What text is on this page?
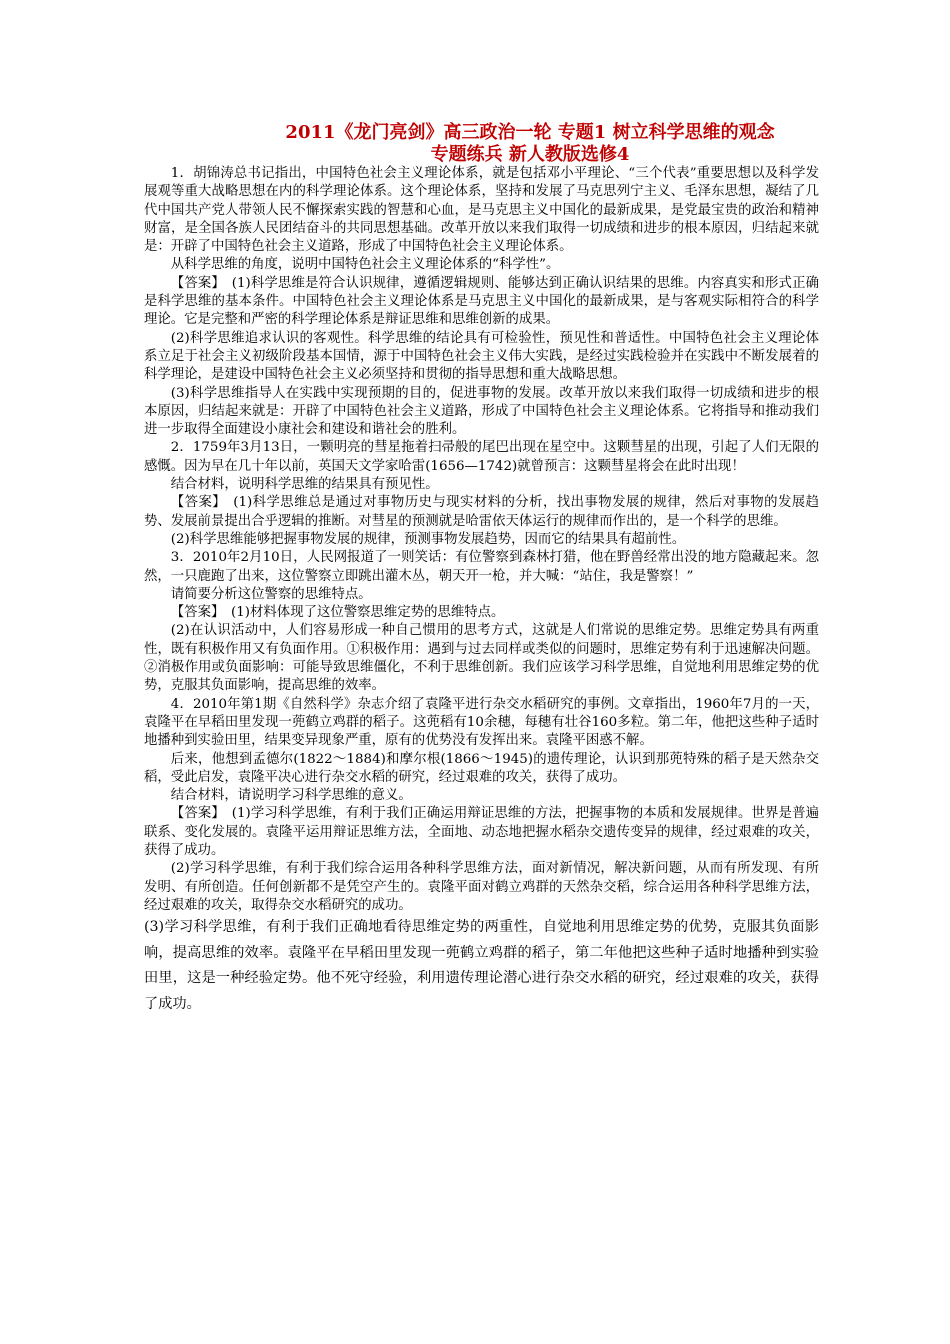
2011《龙门亮剑》高三政治一轮 专题1 树立科学思维的观念
专题练兵 新人教版选修4

1．胡锦涛总书记指出，中国特色社会主义理论体系，就是包括邓小平理论、“三个代表”重要思想以及科学发展观等重大战略思想在内的科学理论体系。这个理论体系，坚持和发展了马克思列宁主义、毛泽东思想，凝结了几代中国共产党人带领人民不懈探索实践的智慧和心血，是马克思主义中国化的最新成果，是党最宝贵的政治和精神财富，是全国各族人民团结奋斗的共同思想基础。改革开放以来我们取得一切成绩和进步的根本原因，归结起来就是：开辟了中国特色社会主义道路，形成了中国特色社会主义理论体系。

从科学思维的角度，说明中国特色社会主义理论体系的“科学性”。

【答案】　(1)科学思维是符合认识规律，遵循逻辑规则、能够达到正确认识结果的思维。内容真实和形式正确是科学思维的基本条件。中国特色社会主义理论体系是马克思主义中国化的最新成果，是与客观实际相符合的科学理论。它是完整和严密的科学理论体系是辩证思维和思维创新的成果。

(2)科学思维追求认识的客观性。科学思维的结论具有可检验性，预见性和普适性。中国特色社会主义理论体系立足于社会主义初级阶段基本国情，源于中国特色社会主义伟大实践，是经过实践检验并在实践中不断发展着的科学理论，是建设中国特色社会主义必须坚持和贯彻的指导思想和重大战略思想。

(3)科学思维指导人在实践中实现预期的目的，促进事物的发展。改革开放以来我们取得一切成绩和进步的根本原因，归结起来就是：开辟了中国特色社会主义道路，形成了中国特色社会主义理论体系。它将指导和推动我们进一步取得全面建设小康社会和建设和谐社会的胜利。

2．1759年3月13日，一颗明亮的彗星拖着扫帚般的尾巴出现在星空中。这颗彗星的出现，引起了人们无限的感慨。因为早在几十年以前，英国天文学家哈雷(1656—1742)就曾预言：这颗彗星将会在此时出现！

结合材料，说明科学思维的结果具有预见性。

【答案】　(1)科学思维总是通过对事物历史与现实材料的分析，找出事物发展的规律，然后对事物的发展趋势、发展前景提出合乎逻辑的推断。对彗星的预测就是哈雷依天体运行的规律而作出的，是一个科学的思维。

(2)科学思维能够把握事物发展的规律，预测事物发展趋势，因而它的结果具有超前性。

3．2010年2月10日，人民网报道了一则笑话：有位警察到森林打猎，他在野兽经常出没的地方隐藏起来。忽然，一只鹿跑了出来，这位警察立即跳出灌木丛，朝天开一枪，并大喊：“站住，我是警察！”

请简要分析这位警察的思维特点。

【答案】　(1)材料体现了这位警察思维定势的思维特点。

(2)在认识活动中，人们容易形成一种自己惯用的思考方式，这就是人们常说的思维定势。思维定势具有两重性，既有积极作用又有负面作用。①积极作用：遇到与过去同样或类似的问题时，思维定势有利于迅速解决问题。②消极作用或负面影响：可能导致思维僵化，不利于思维创新。我们应该学习科学思维，自觉地利用思维定势的优势，克服其负面影响，提高思维的效率。

4．2010年第1期《自然科学》杂志介绍了袁隆平进行杂交水稻研究的事例。文章指出，1960年7月的一天，袁隆平在早稻田里发现一蔸鹤立鸡群的稻子。这蔸稻有10余穗，每穗有壮谷160多粒。第二年，他把这些种子适时地播种到实验田里，结果变异现象严重，原有的优势没有发挥出来。袁隆平困惑不解。

后来，他想到孟德尔(1822～1884)和摩尔根(1866～1945)的遗传理论，认识到那蔸特殊的稻子是天然杂交稻，受此启发，袁隆平决心进行杂交水稻的研究，经过艰难的攻关，获得了成功。

结合材料，请说明学习科学思维的意义。

【答案】　(1)学习科学思维，有利于我们正确运用辩证思维的方法，把握事物的本质和发展规律。世界是普遍联系、变化发展的。袁隆平运用辩证思维方法，全面地、动态地把握水稻杂交遗传变异的规律，经过艰难的攻关，获得了成功。

(2)学习科学思维，有利于我们综合运用各种科学思维方法，面对新情况，解决新问题，从而有所发现、有所发明、有所创造。任何创新都不是凭空产生的。袁隆平面对鹤立鸡群的天然杂交稻，综合运用各种科学思维方法，经过艰难的攻关，取得杂交水稻研究的成功。

(3)学习科学思维，有利于我们正确地看待思维定势的两重性，自觉地利用思维定势的优势，克服其负面影响，提高思维的效率。袁隆平在早稻田里发现一蔸鹤立鸡群的稻子，第二年他把这些种子适时地播种到实验田里，这是一种经验定势。他不死守经验，利用遗传理论潜心进行杂交水稻的研究，经过艰难的攻关，获得了成功。
